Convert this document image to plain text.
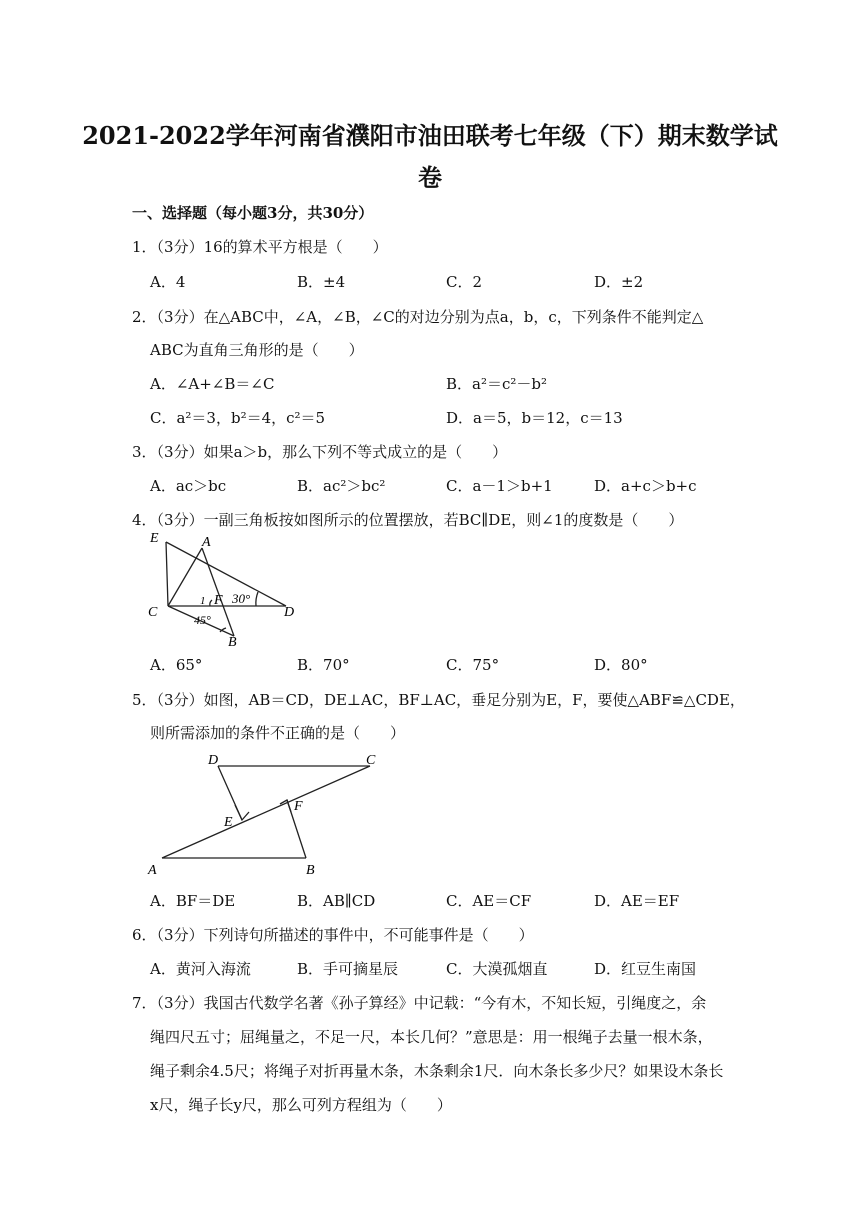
2021-2022学年河南省濮阳市油田联考七年级（下）期末数学试
卷
一、选择题（每小题3分，共30分）
1．（3分）16的算术平方根是（　　）
A．4	B．±4	C．2	D．±2
2．（3分）在△ABC中，∠A，∠B，∠C的对边分别为点a，b，c，下列条件不能判定△
ABC为直角三角形的是（　　）
A．∠A+∠B＝∠C	B．a²＝c²－b²
C．a²＝3，b²＝4，c²＝5	D．a＝5，b＝12，c＝13
3．（3分）如果a＞b，那么下列不等式成立的是（　　）
A．ac＞bc	B．ac²＞bc²	C．a－1＞b+1	D．a+c＞b+c
4．（3分）一副三角板按如图所示的位置摆放，若BC∥DE，则∠1的度数是（　　）
E	A
C
F
D
B
1 30°
45°
A．65°	B．70°	C．75°	D．80°
5．（3分）如图，AB＝CD，DE⊥AC，BF⊥AC，垂足分别为E，F，要使△ABF≌△CDE，
则所需添加的条件不正确的是（　　）
D	C
E
F
A	B
A．BF＝DE	B．AB∥CD	C．AE＝CF	D．AE＝EF
6．（3分）下列诗句所描述的事件中，不可能事件是（　　）
A．黄河入海流	B．手可摘星辰	C．大漠孤烟直	D．红豆生南国
7．（3分）我国古代数学名著《孙子算经》中记载：“今有木，不知长短，引绳度之，余
绳四尺五寸；屈绳量之，不足一尺，本长几何？”意思是：用一根绳子去量一根木条，
绳子剩余4.5尺；将绳子对折再量木条，木条剩余1尺．向木条长多少尺？如果设木条长
x尺，绳子长y尺，那么可列方程组为（　　）
